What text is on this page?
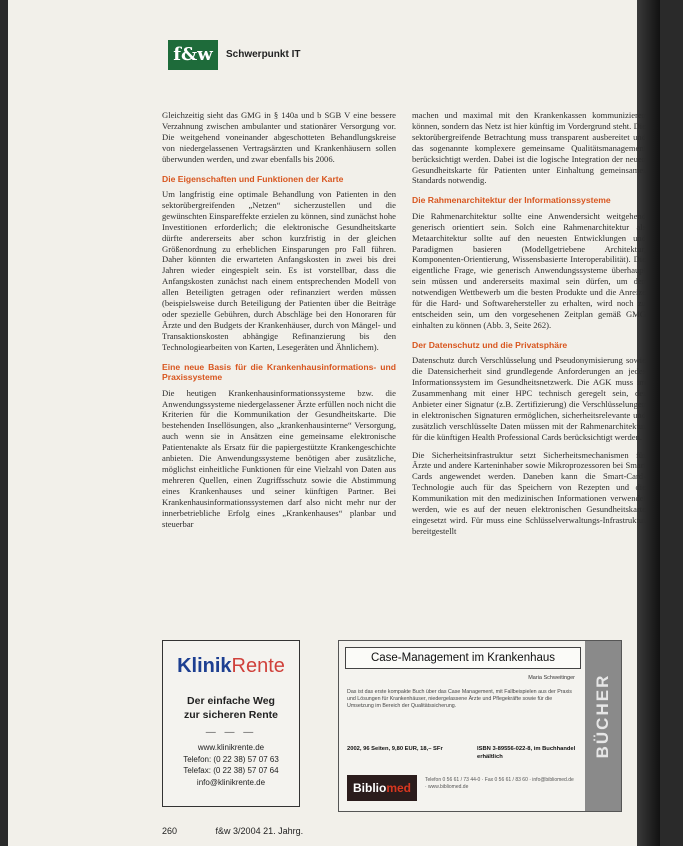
f&w	Schwerpunkt IT

Gleichzeitig sieht das GMG in § 140a und b SGB V eine bessere Verzahnung zwischen ambulanter und stationärer Versorgung vor. Die weitgehend voneinander abgeschotteten Behandlungskreise von niedergelassenen Vertragsärzten und Krankenhäusern sollen überwunden werden, und zwar ebenfalls bis 2006.

Die Eigenschaften und Funktionen der Karte

Um langfristig eine optimale Behandlung von Patienten in den sektorübergreifenden „Netzen“ sicherzustellen und die gewünschten Einspareffekte erzielen zu können, sind zunächst hohe Investitionen erforderlich; die elektronische Gesundheitskarte dürfte andererseits aber schon kurzfristig in der gleichen Größenordnung zu erheblichen Einsparungen pro Fall führen. Daher könnten die erwarteten Anfangskosten in zwei bis drei Jahren wieder eingespielt sein. Es ist vorstellbar, dass die Anfangskosten zunächst nach einem entsprechenden Modell von allen Beteiligten getragen oder refinanziert werden müssen (beispielsweise durch Beteiligung der Patienten über die Beiträge oder spezielle Gebühren, durch Abschläge bei den Honoraren für Ärzte und den Budgets der Krankenhäuser, durch von Mängel- und Transaktionskosten abhängige Refinanzierung bis den Technologiearbeiten von Karten, Lesegeräten und Ähnlichem).

Eine neue Basis für die Krankenhausinformations- und Praxissysteme

Die heutigen Krankenhausinformationssysteme bzw. die Anwendungssysteme niedergelassener Ärzte erfüllen noch nicht die Kriterien für die Kommunikation der Gesundheitskarte. Die bestehenden Insellösungen, also „krankenhausinterne“ Versorgung, auch wenn sie in Ansätzen eine gemeinsame elektronische Patientenakte als Ersatz für die papiergestützte Krankengeschichte anbieten. Die Anwendungssysteme benötigen aber zusätzliche, möglichst einheitliche Funktionen für eine Vielzahl von Daten aus mehreren Quellen, einen Zugriffsschutz sowie die Abstimmung eines Krankenhauses und seiner künftigen Partner. Bei Krankenhausinformationssystemen darf also nicht mehr nur der innerbetriebliche Erfolg eines „Krankenhauses“ planbar und steuerbar

machen und maximal mit den Krankenkassen kommunizieren können, sondern das Netz ist hier künftig im Vordergrund steht. Die sektorübergreifende Betrachtung muss transparent ausbereitet und das sogenannte komplexere gemeinsame Qualitätsmanagement berücksichtigt werden. Dabei ist die logische Integration der neuen Gesundheitskarte für Patienten unter Einhaltung gemeinsamer Standards notwendig.

Die Rahmenarchitektur der Informationssysteme

Die Rahmenarchitektur sollte eine Anwendersicht weitgehend generisch orientiert sein. Solch eine Rahmenarchitektur als Metaarchitektur sollte auf den neuesten Entwicklungen und Paradigmen basieren (Modellgetriebene Architektur, Komponenten-Orientierung, Wissensbasierte Interoperabilität). Die eigentliche Frage, wie generisch Anwendungssysteme überhaupt sein müssen und andererseits maximal sein dürfen, um den notwendigen Wettbewerb um die besten Produkte und die Anreize für die Hard- und Softwarehersteller zu erhalten, wird noch zu entscheiden sein, um den vorgesehenen Zeitplan gemäß GMG einhalten zu können (Abb. 3, Seite 262).

Der Datenschutz und die Privatsphäre

Datenschutz durch Verschlüsselung und Pseudonymisierung sowie die Datensicherheit sind grundlegende Anforderungen an jedes Informationssystem im Gesundheitsnetzwerk. Die AGK muss im Zusammenhang mit einer HPC technisch geregelt sein, der Anbieter einer Signatur (z.B. Zertifizierung) die Verschlüsselungen in elektronischen Signaturen ermöglichen, sicherheitsrelevante und zusätzlich verschlüsselte Daten müssen mit der Rahmenarchitektur für die künftigen Health Professional Cards berücksichtigt werden.

Die Sicherheitsinfrastruktur setzt Sicherheitsmechanismen für Ärzte und andere Karteninhaber sowie Mikroprozessoren bei Smart Cards angewendet werden. Daneben kann die Smart-Card-Technologie auch für das Speichern von Rezepten und die Kommunikation mit den medizinischen Informationen verwendet werden, wie es auf der neuen elektronischen Gesundheitskarte eingesetzt wird. Für muss eine Schlüsselverwaltungs-Infrastruktur bereitgestellt

KlinikRente
Der einfache Weg
zur sicheren Rente
— — —
www.klinikrente.de
Telefon: (0 22 38) 57 07 63
Telefax: (0 22 38) 57 07 64
info@klinikrente.de
Case-Management im Krankenhaus
Maria Schweitinger
Das ist das erste kompakte Buch über das Case Management, mit Fallbeispielen aus der Praxis und Lösungen für Krankenhäuser, niedergelassene Ärzte und Pflegekräfte sowie für die Umsetzung im Bereich der Qualitätssicherung.
2002, 96 Seiten, 9,80 EUR, 18,– SFr	ISBN 3-89556-022-8, im Buchhandel erhältlich
Bibliomed
Telefon 0 56 61 / 73 44-0 · Fax 0 56 61 / 83 60 · info@bibliomed.de · www.bibliomed.de
BÜCHER
260	f&w 3/2004 21. Jahrg.
